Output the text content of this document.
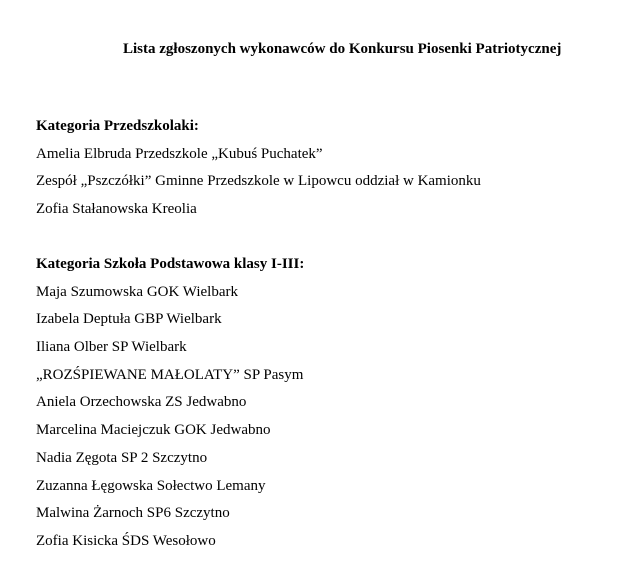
Lista zgłoszonych wykonawców do Konkursu Piosenki Patriotycznej
Kategoria Przedszkolaki:
Amelia Elbruda Przedszkole „Kubuś Puchatek”
Zespół „Pszczółki” Gminne Przedszkole w Lipowcu oddział w Kamionku
Zofia Stałanowska Kreolia
Kategoria Szkoła Podstawowa klasy I-III:
Maja Szumowska GOK Wielbark
Izabela Deptuła GBP Wielbark
Iliana Olber SP Wielbark
„ROZŚPIEWANE MAŁOLATY” SP Pasym
Aniela Orzechowska ZS Jedwabno
Marcelina Maciejczuk GOK Jedwabno
Nadia Zęgota SP 2 Szczytno
Zuzanna Łęgowska Sołectwo Lemany
Malwina Żarnoch SP6 Szczytno
Zofia Kisicka ŚDS Wesołowo
